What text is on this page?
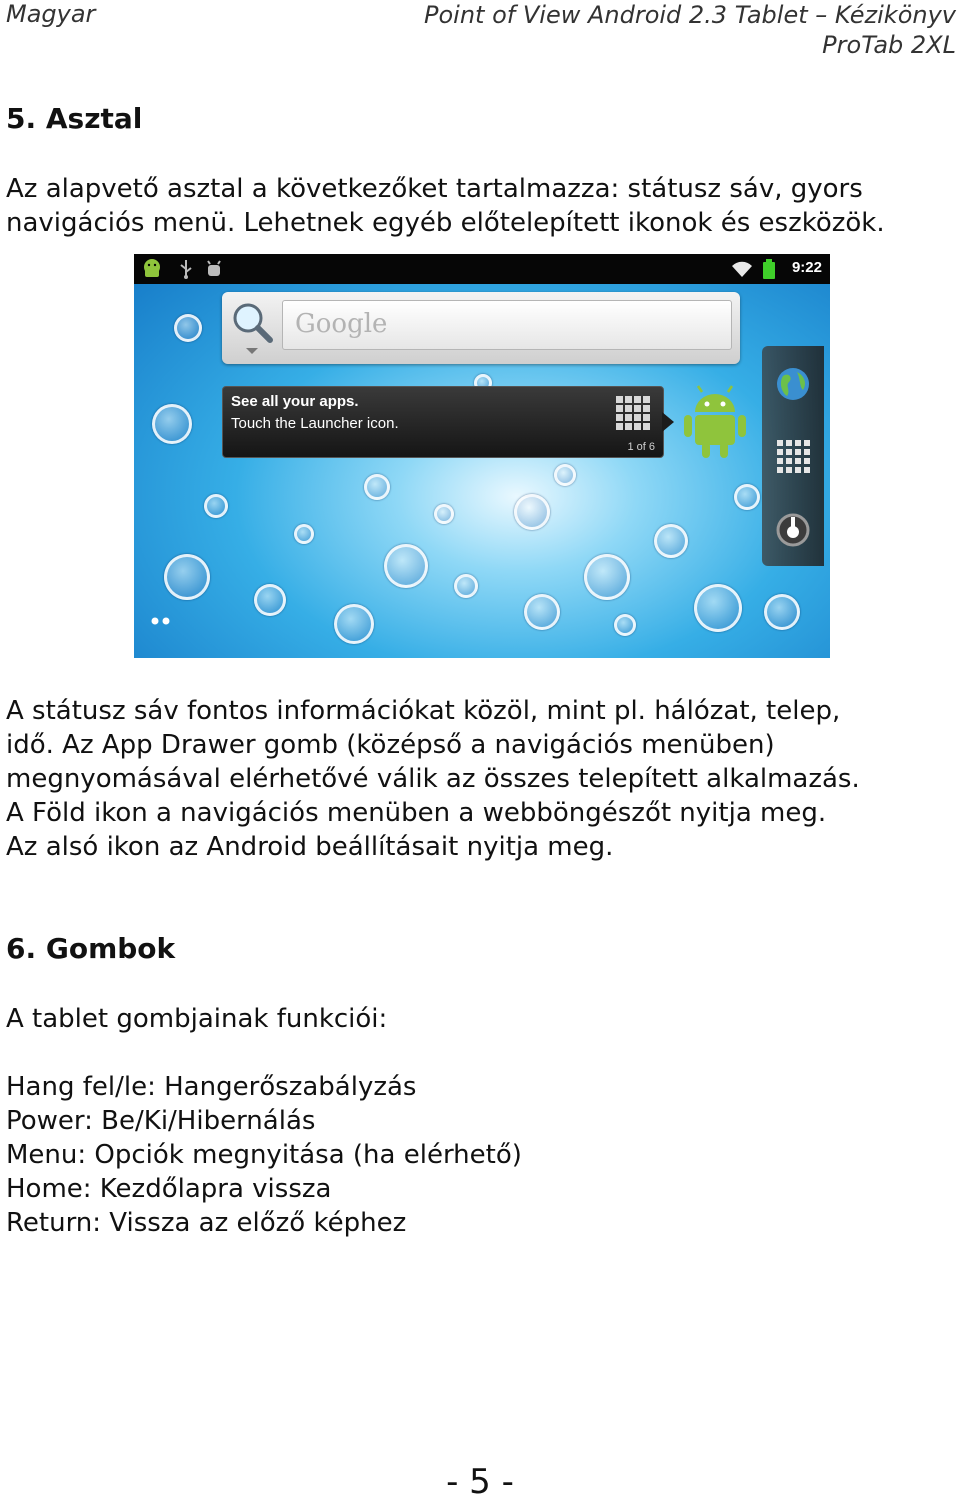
Magyar	Point of View Android 2.3 Tablet – Kézikönyv
ProTab 2XL
5. Asztal

Az alapvető asztal a következőket tartalmazza: státusz sáv, gyors
navigációs menü. Lehetnek egyéb előtelepített ikonok és eszközök.

9:22
Google
See all your apps.
Touch the Launcher icon.
1 of 6

A státusz sáv fontos információkat közöl, mint pl. hálózat, telep,
idő. Az App Drawer gomb (középső a navigációs menüben)
megnyomásával elérhetővé válik az összes telepített alkalmazás.
A Föld ikon a navigációs menüben a webböngészőt nyitja meg.
Az alsó ikon az Android beállításait nyitja meg.

6. Gombok

A tablet gombjainak funkciói:

Hang fel/le: Hangerőszabályzás
Power: Be/Ki/Hibernálás
Menu: Opciók megnyitása (ha elérhető)
Home: Kezdőlapra vissza
Return: Vissza az előző képhez

- 5 -
